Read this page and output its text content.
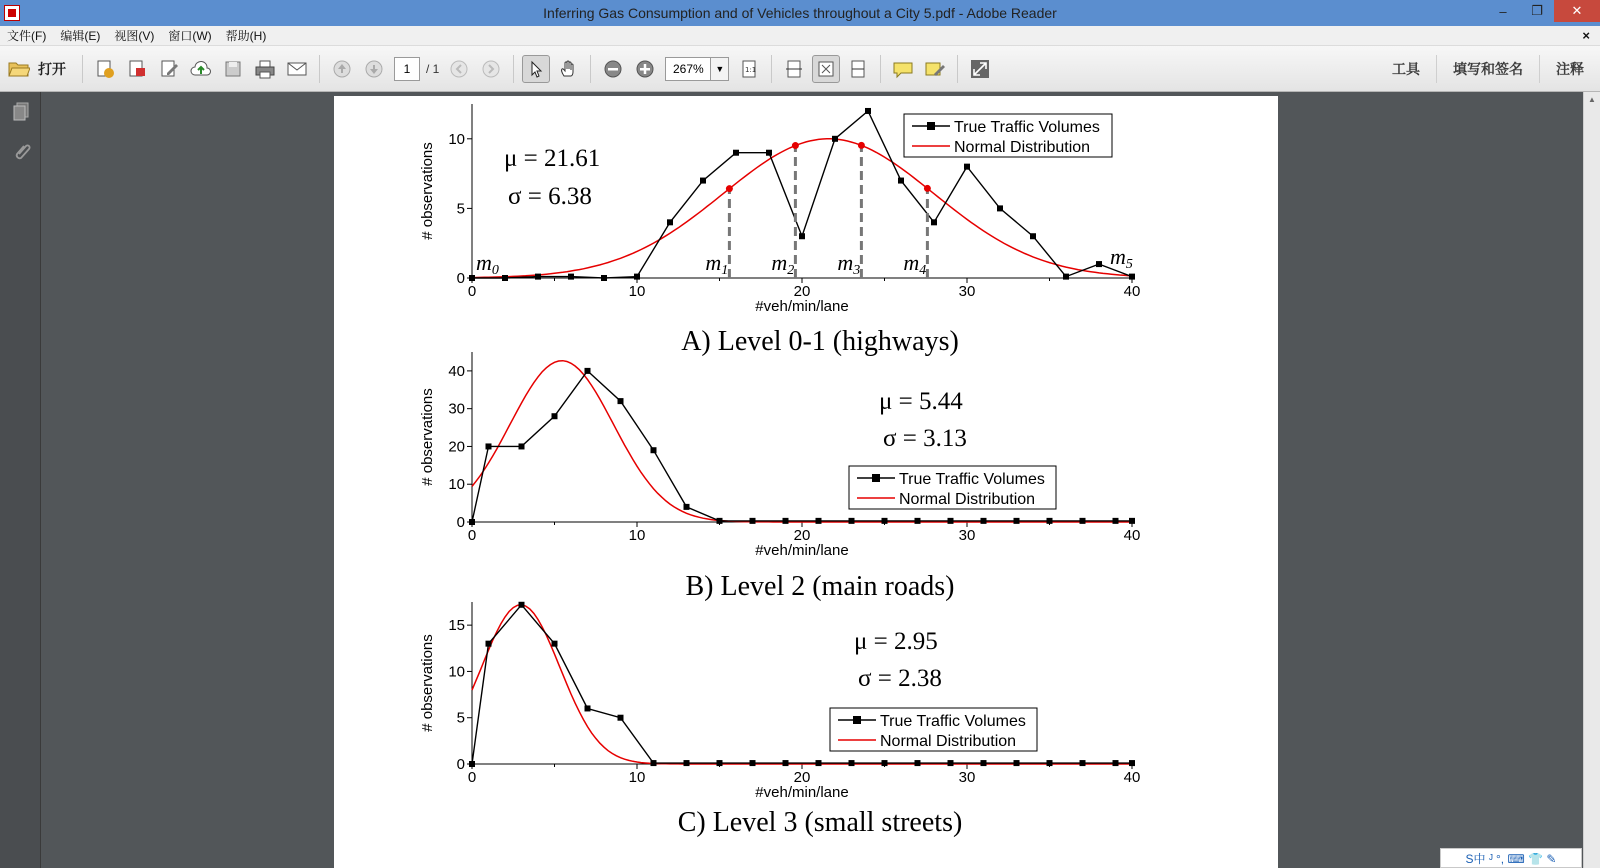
Inferring Gas Consumption and of Vehicles throughout a City 5.pdf - Adobe Reader	–	❐	✕
文件(F)	编辑(E)	视图(V)	窗口(W)	帮助(H)	×
打开	1	/ 1	267%	▼	1:1	工具	填写和签名	注释
0	10	20	30	40
0
5
10
#veh/min/lane
# observations
m0	m1 m2 m3 m4
m5
μ = 21.61
σ = 6.38
True Traffic Volumes
Normal Distribution
A) Level 0-1 (highways)
0	10	20	30	40
0
10
20
30
40
#veh/min/lane
# observations	μ = 5.44
σ = 3.13
True Traffic Volumes
Normal Distribution
B) Level 2 (main roads)
0	10	20	30	40
0
5
10
15
#veh/min/lane
# observations	μ = 2.95
σ = 2.38
True Traffic Volumes
Normal Distribution
C) Level 3 (small streets)
▲
S中 ᴶ °, ⌨ 👕 ✎
